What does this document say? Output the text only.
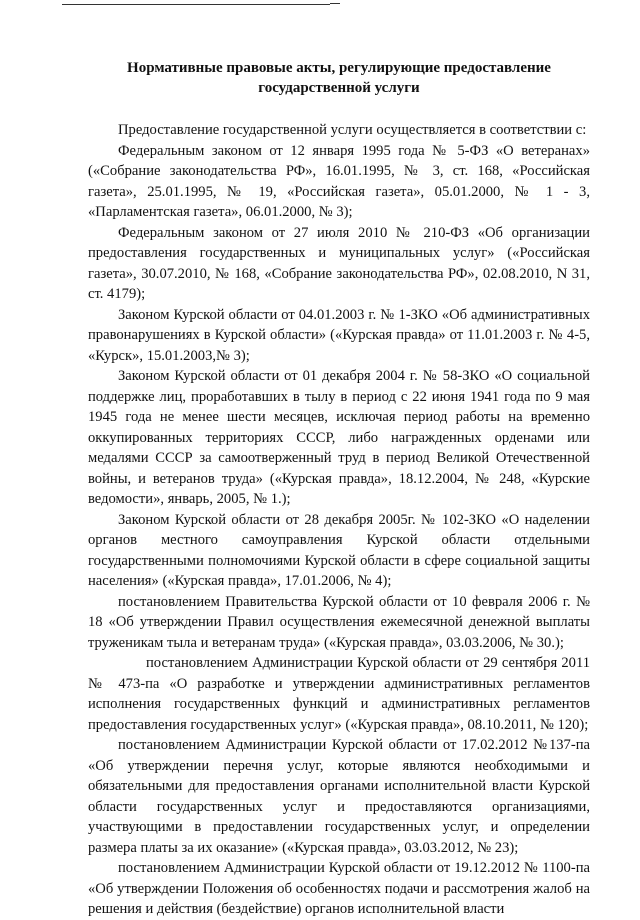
Нормативные правовые акты, регулирующие предоставление
государственной услуги

Предоставление государственной услуги осуществляется в соответствии с:

Федеральным законом от 12 января 1995 года № 5-ФЗ «О ветеранах» («Собрание законодательства РФ», 16.01.1995, № 3, ст. 168, «Российская газета», 25.01.1995, № 19, «Российская газета», 05.01.2000, № 1 - 3, «Парламентская газета», 06.01.2000, № 3);

Федеральным законом от 27 июля 2010 № 210-ФЗ «Об организации предоставления государственных и муниципальных услуг» («Российская газета», 30.07.2010, № 168, «Собрание законодательства РФ», 02.08.2010, N 31, ст. 4179);

Законом Курской области от 04.01.2003 г. № 1-ЗКО «Об административных правонарушениях в Курской области» («Курская правда» от 11.01.2003 г. № 4-5, «Курск», 15.01.2003,№ 3);

Законом Курской области от 01 декабря 2004 г. № 58-ЗКО «О социальной поддержке лиц, проработавших в тылу в период с 22 июня 1941 года по 9 мая 1945 года не менее шести месяцев, исключая период работы на временно оккупированных территориях СССР, либо награжденных орденами или медалями СССР за самоотверженный труд в период Великой Отечественной войны, и ветеранов труда» («Курская правда», 18.12.2004, № 248, «Курские ведомости», январь, 2005, № 1.);

Законом Курской области от 28 декабря 2005г. № 102-ЗКО «О наделении органов местного самоуправления Курской области отдельными государственными полномочиями Курской области в сфере социальной защиты населения» («Курская правда», 17.01.2006, № 4);

постановлением Правительства Курской области от 10 февраля 2006 г. № 18 «Об утверждении Правил осуществления ежемесячной денежной выплаты труженикам тыла и ветеранам труда» («Курская правда», 03.03.2006, № 30.);

постановлением Администрации Курской области от 29 сентября 2011 № 473-па «О разработке и утверждении административных регламентов исполнения государственных функций и административных регламентов предоставления государственных услуг» («Курская правда», 08.10.2011, № 120);

постановлением Администрации Курской области от 17.02.2012 №137-па «Об утверждении перечня услуг, которые являются необходимыми и обязательными для предоставления органами исполнительной власти Курской области государственных услуг и предоставляются организациями, участвующими в предоставлении государственных услуг, и определении размера платы за их оказание» («Курская правда», 03.03.2012, № 23);

постановлением Администрации Курской области от 19.12.2012 № 1100-па «Об утверждении Положения об особенностях подачи и рассмотрения жалоб на решения и действия (бездействие) органов исполнительной власти
